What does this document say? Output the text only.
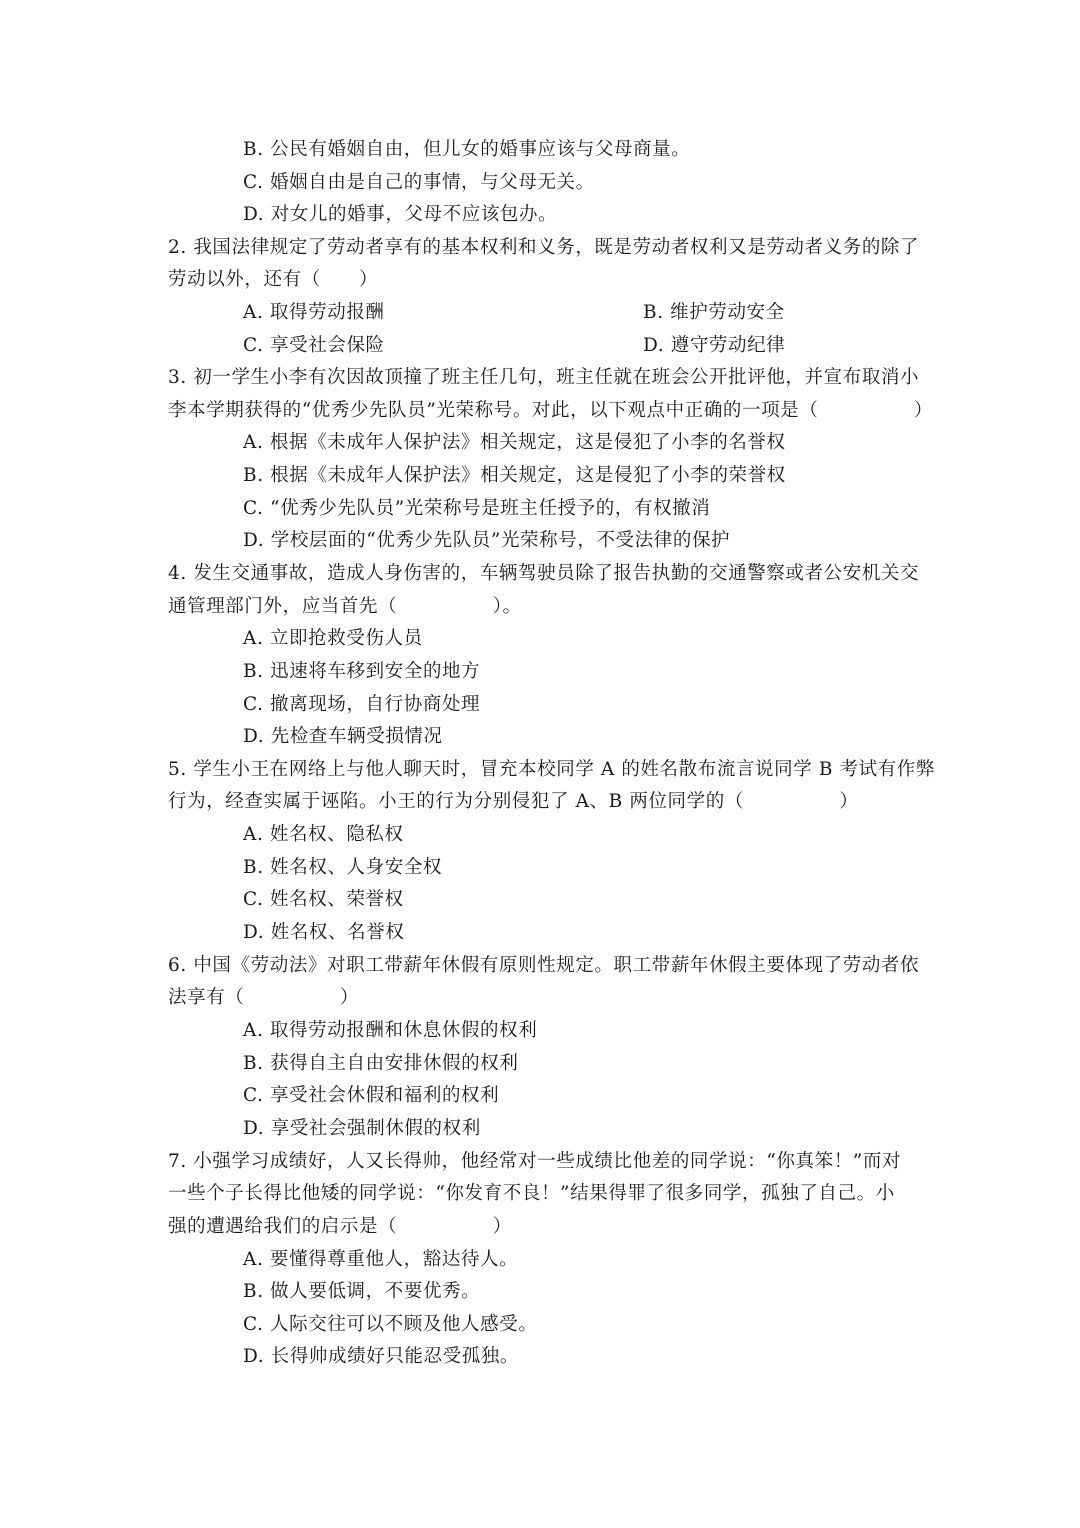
B. 公民有婚姻自由，但儿女的婚事应该与父母商量。
C. 婚姻自由是自己的事情，与父母无关。
D. 对女儿的婚事，父母不应该包办。
2. 我国法律规定了劳动者享有的基本权利和义务，既是劳动者权利又是劳动者义务的除了
劳动以外，还有（　　）
A. 取得劳动报酬	B. 维护劳动安全
C. 享受社会保险	D. 遵守劳动纪律
3. 初一学生小李有次因故顶撞了班主任几句，班主任就在班会公开批评他，并宣布取消小
李本学期获得的“优秀少先队员”光荣称号。对此，以下观点中正确的一项是（　　　　　）
A. 根据《未成年人保护法》相关规定，这是侵犯了小李的名誉权
B. 根据《未成年人保护法》相关规定，这是侵犯了小李的荣誉权
C. “优秀少先队员”光荣称号是班主任授予的，有权撤消
D. 学校层面的“优秀少先队员”光荣称号，不受法律的保护
4. 发生交通事故，造成人身伤害的，车辆驾驶员除了报告执勤的交通警察或者公安机关交
通管理部门外，应当首先（　　　　　）。
A. 立即抢救受伤人员
B. 迅速将车移到安全的地方
C. 撤离现场，自行协商处理
D. 先检查车辆受损情况
5. 学生小王在网络上与他人聊天时，冒充本校同学 A 的姓名散布流言说同学 B 考试有作弊
行为，经查实属于诬陷。小王的行为分别侵犯了 A、B 两位同学的（　　　　　）
A. 姓名权、隐私权
B. 姓名权、人身安全权
C. 姓名权、荣誉权
D. 姓名权、名誉权
6. 中国《劳动法》对职工带薪年休假有原则性规定。职工带薪年休假主要体现了劳动者依
法享有（　　　　　）
A. 取得劳动报酬和休息休假的权利
B. 获得自主自由安排休假的权利
C. 享受社会休假和福利的权利
D. 享受社会强制休假的权利
7. 小强学习成绩好，人又长得帅，他经常对一些成绩比他差的同学说：“你真笨！”而对
一些个子长得比他矮的同学说：“你发育不良！”结果得罪了很多同学，孤独了自己。小
强的遭遇给我们的启示是（　　　　　）
A. 要懂得尊重他人，豁达待人。
B. 做人要低调，不要优秀。
C. 人际交往可以不顾及他人感受。
D. 长得帅成绩好只能忍受孤独。
